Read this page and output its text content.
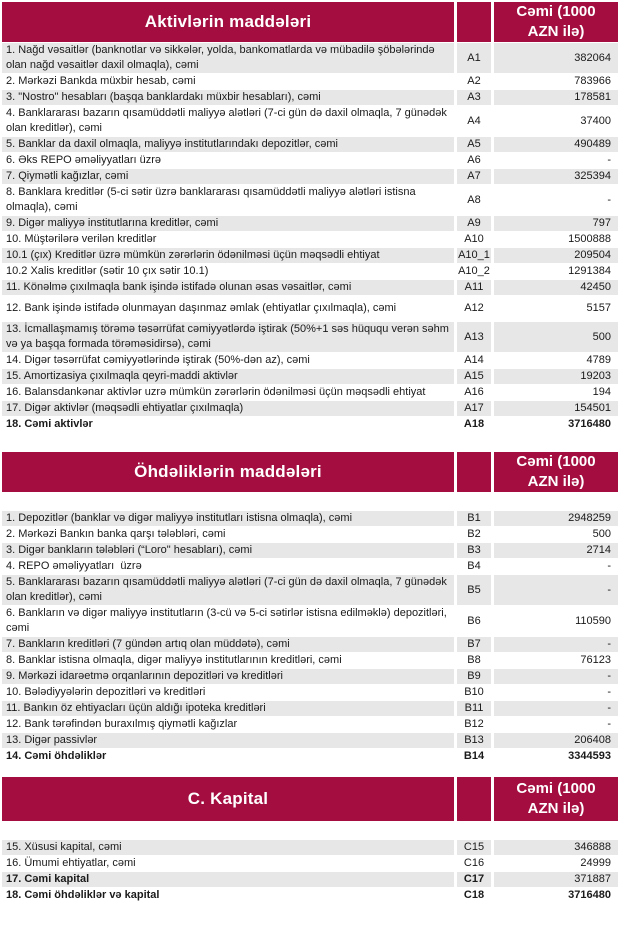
Aktivlərin maddələri
Cəmi (1000 AZN ilə)
1. Nağd vəsaitlər (banknotlar və sikkələr, yolda, bankomatlarda və mübadilə şöbələrində olan nağd vəsaitlər daxil olmaqla), cəmi
A1	382064
2. Mərkəzi Bankda müxbir hesab, cəmi	A2	783966
3. "Nostro" hesabları (başqa banklardakı müxbir hesabları), cəmi	A3	178581
4. Banklararası bazarın qısamüddətli maliyyə alətləri (7-ci gün də daxil olmaqla, 7 günədək olan kreditlər), cəmi
A4	37400
5. Banklar da daxil olmaqla, maliyyə institutlarındakı depozitlər, cəmi	A5	490489
6. Əks REPO əməliyyatları üzrə	A6	-
7. Qiymətli kağızlar, cəmi	A7	325394
8. Banklara kreditlər (5-ci sətir üzrə banklararası qısamüddətli maliyyə alətləri istisna olmaqla), cəmi
A8	-
9. Digər maliyyə institutlarına kreditlər, cəmi	A9	797
10. Müştərilərə verilən kreditlər	A10	1500888
10.1 (çıx) Kreditlər üzrə mümkün zərərlərin ödənilməsi üçün məqsədli ehtiyat	A10_1	209504
10.2 Xalis kreditlər (sətir 10 çıx sətir 10.1)	A10_2	1291384
11. Könəlmə çıxılmaqla bank işində istifadə olunan əsas vəsaitlər, cəmi	A11	42450
12. Bank işində istifadə olunmayan daşınmaz əmlak (ehtiyatlar çıxılmaqla), cəmi	A12	5157
13. İcmallaşmamış törəmə təsərrüfat cəmiyyətlərdə iştirak (50%+1 səs hüququ verən səhm və ya başqa formada törəməsidirsə), cəmi
A13	500
14. Digər təsərrüfat cəmiyyətlərində iştirak (50%-dən az), cəmi	A14	4789
15. Amortizasiya çıxılmaqla qeyri-maddi aktivlər	A15	19203
16. Balansdankənar aktivlər uzrə mümkün zərərlərin ödənilməsi üçün məqsədli ehtiyat	A16	194
17. Digər aktivlər (məqsədli ehtiyatlar çıxılmaqla)	A17	154501
18. Cəmi aktivlər	A18	3716480
Öhdəliklərin maddələri
Cəmi (1000 AZN ilə)
1. Depozitlər (banklar və digər maliyyə institutları istisna olmaqla), cəmi	B1	2948259
2. Mərkəzi Bankın banka qarşı tələbləri, cəmi	B2	500
3. Digər bankların tələbləri (“Loro" hesabları), cəmi	B3	2714
4. REPO əməliyyatları  üzrə	B4	-
5. Banklararası bazarın qısamüddətli maliyyə alətləri (7-ci gün də daxil olmaqla, 7 günədək olan kreditlər), cəmi
B5	-
6. Bankların və digər maliyyə institutların (3-cü və 5-ci sətirlər istisna edilməklə) depozitləri, cəmi
B6	110590
7. Bankların kreditləri (7 gündən artıq olan müddətə), cəmi	B7	-
8. Banklar istisna olmaqla, digər maliyyə institutlarının kreditləri, cəmi	B8	76123
9. Mərkəzi idarəetmə orqanlarının depozitləri və kreditləri	B9	-
10. Bələdiyyələrin depozitləri və kreditləri	B10	-
11. Bankın öz ehtiyacları üçün aldığı ipoteka kreditləri	B11	-
12. Bank tərəfindən buraxılmış qiymətli kağızlar	B12	-
13. Digər passivlər	B13	206408
14. Cəmi öhdəliklər	B14	3344593
C. Kapital
Cəmi (1000 AZN ilə)
15. Xüsusi kapital, cəmi	C15	346888
16. Ümumi ehtiyatlar, cəmi	C16	24999
17. Cəmi kapital	C17	371887
18. Cəmi öhdəliklər və kapital	C18	3716480
